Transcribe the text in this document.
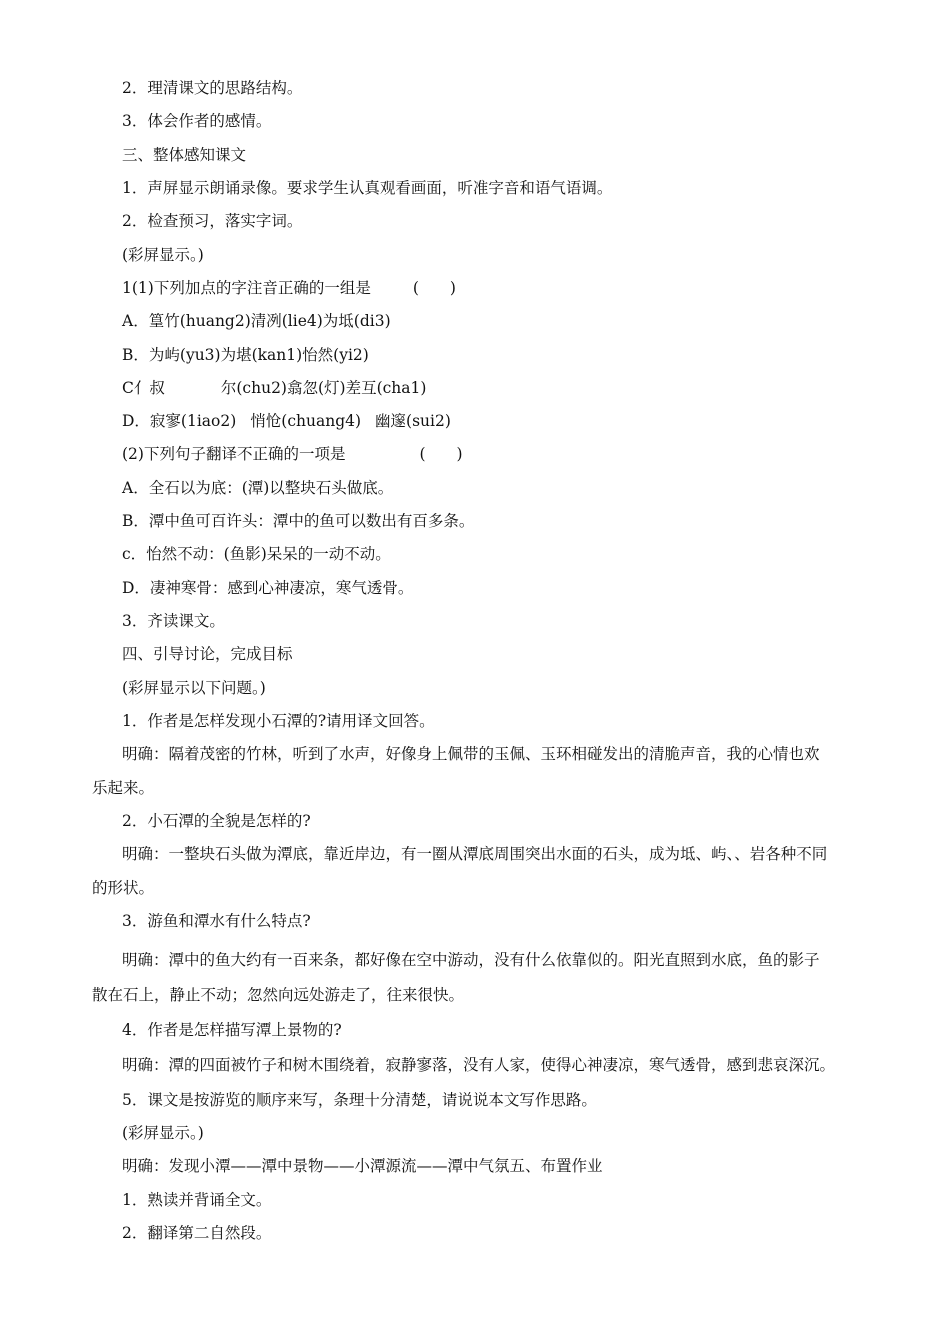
2．理清课文的思路结构。
3．体会作者的感情。
三、整体感知课文
1．声屏显示朗诵录像。要求学生认真观看画面，听准字音和语气语调。
2．检查预习，落实字词。
(彩屏显示。)
1(1)下列加点的字注音正确的一组是	(　　)
A．篁竹(huang2)清冽(lie4)为坻(di3)
B．为屿(yu3)为堪(kan1)怡然(yi2)
C亻叔	尔(chu2)翕忽(灯)差互(cha1)
D．寂寥(1iao2) 悄怆(chuang4) 幽邃(sui2)
(2)下列句子翻译不正确的一项是	(　　)
A．全石以为底：(潭)以整块石头做底。
B．潭中鱼可百许头：潭中的鱼可以数出有百多条。
c．怡然不动：(鱼影)呆呆的一动不动。
D．凄神寒骨：感到心神凄凉，寒气透骨。
3．齐读课文。
四、引导讨论，完成目标
(彩屏显示以下问题。)
1．作者是怎样发现小石潭的?请用译文回答。
明确：隔着茂密的竹林，听到了水声，好像身上佩带的玉佩、玉环相碰发出的清脆声音，我的心情也欢
乐起来。
2．小石潭的全貌是怎样的?
明确：一整块石头做为潭底，靠近岸边，有一圈从潭底周围突出水面的石头，成为坻、屿、、岩各种不同
的形状。
3．游鱼和潭水有什么特点?
明确：潭中的鱼大约有一百来条，都好像在空中游动，没有什么依靠似的。阳光直照到水底，鱼的影子
散在石上，静止不动；忽然向远处游走了，往来很快。
4．作者是怎样描写潭上景物的?
明确：潭的四面被竹子和树木围绕着，寂静寥落，没有人家，使得心神凄凉，寒气透骨，感到悲哀深沉。
5．课文是按游览的顺序来写，条理十分清楚，请说说本文写作思路。
(彩屏显示。)
明确：发现小潭——潭中景物——小潭源流——潭中气氛五、布置作业
1．熟读并背诵全文。
2．翻译第二自然段。
